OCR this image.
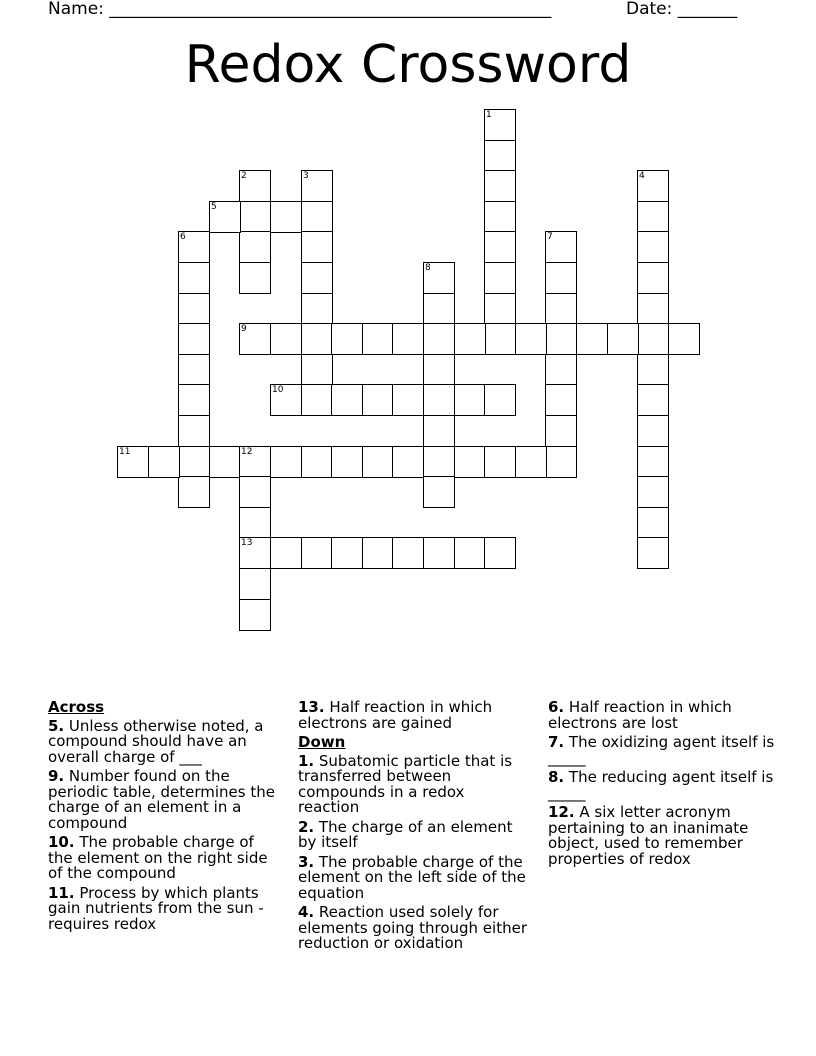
Name: ____________________________________________________	Date: _______
Redox Crossword
1
2	3	4
5
6	7
8
9
10
11	12
13
Across
5. Unless otherwise noted, a compound should have an overall charge of ___
9. Number found on the periodic table, determines the charge of an element in a compound
10. The probable charge of the element on the right side of the compound
11. Process by which plants gain nutrients from the sun - requires redox
13. Half reaction in which electrons are gained
Down
1. Subatomic particle that is transferred between compounds in a redox reaction
2. The charge of an element by itself
3. The probable charge of the element on the left side of the equation
4. Reaction used solely for elements going through either reduction or oxidation
6. Half reaction in which electrons are lost
7. The oxidizing agent itself is _____
8. The reducing agent itself is _____
12. A six letter acronym pertaining to an inanimate object, used to remember properties of redox
